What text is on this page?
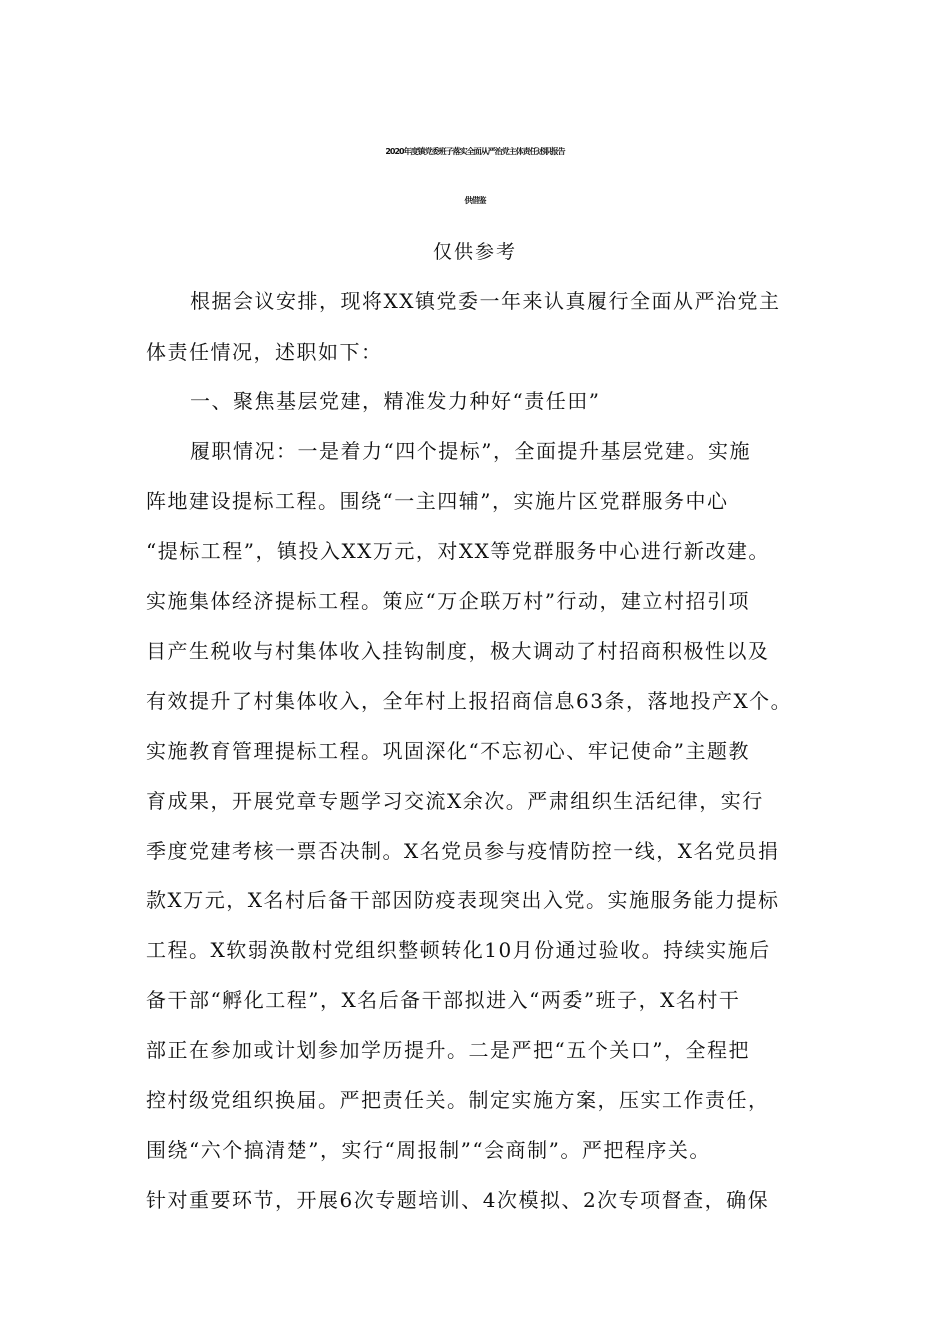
2020年度镇党委班子落实全面从严治党主体责任述职报告
供借鉴
仅供参考
根据会议安排，现将XX镇党委一年来认真履行全面从严治党主
体责任情况，述职如下：
一、聚焦基层党建，精准发力种好“责任田”
履职情况：一是着力“四个提标”，全面提升基层党建。实施
阵地建设提标工程。围绕“一主四辅”，实施片区党群服务中心
“提标工程”，镇投入XX万元，对XX等党群服务中心进行新改建。
实施集体经济提标工程。策应“万企联万村”行动，建立村招引项
目产生税收与村集体收入挂钩制度，极大调动了村招商积极性以及
有效提升了村集体收入，全年村上报招商信息63条，落地投产X个。
实施教育管理提标工程。巩固深化“不忘初心、牢记使命”主题教
育成果，开展党章专题学习交流X余次。严肃组织生活纪律，实行
季度党建考核一票否决制。X名党员参与疫情防控一线，X名党员捐
款X万元，X名村后备干部因防疫表现突出入党。实施服务能力提标
工程。X软弱涣散村党组织整顿转化10月份通过验收。持续实施后
备干部“孵化工程”，X名后备干部拟进入“两委”班子，X名村干
部正在参加或计划参加学历提升。二是严把“五个关口”，全程把
控村级党组织换届。严把责任关。制定实施方案，压实工作责任，
围绕“六个搞清楚”，实行“周报制”“会商制”。严把程序关。
针对重要环节，开展6次专题培训、4次模拟、2次专项督查，确保
